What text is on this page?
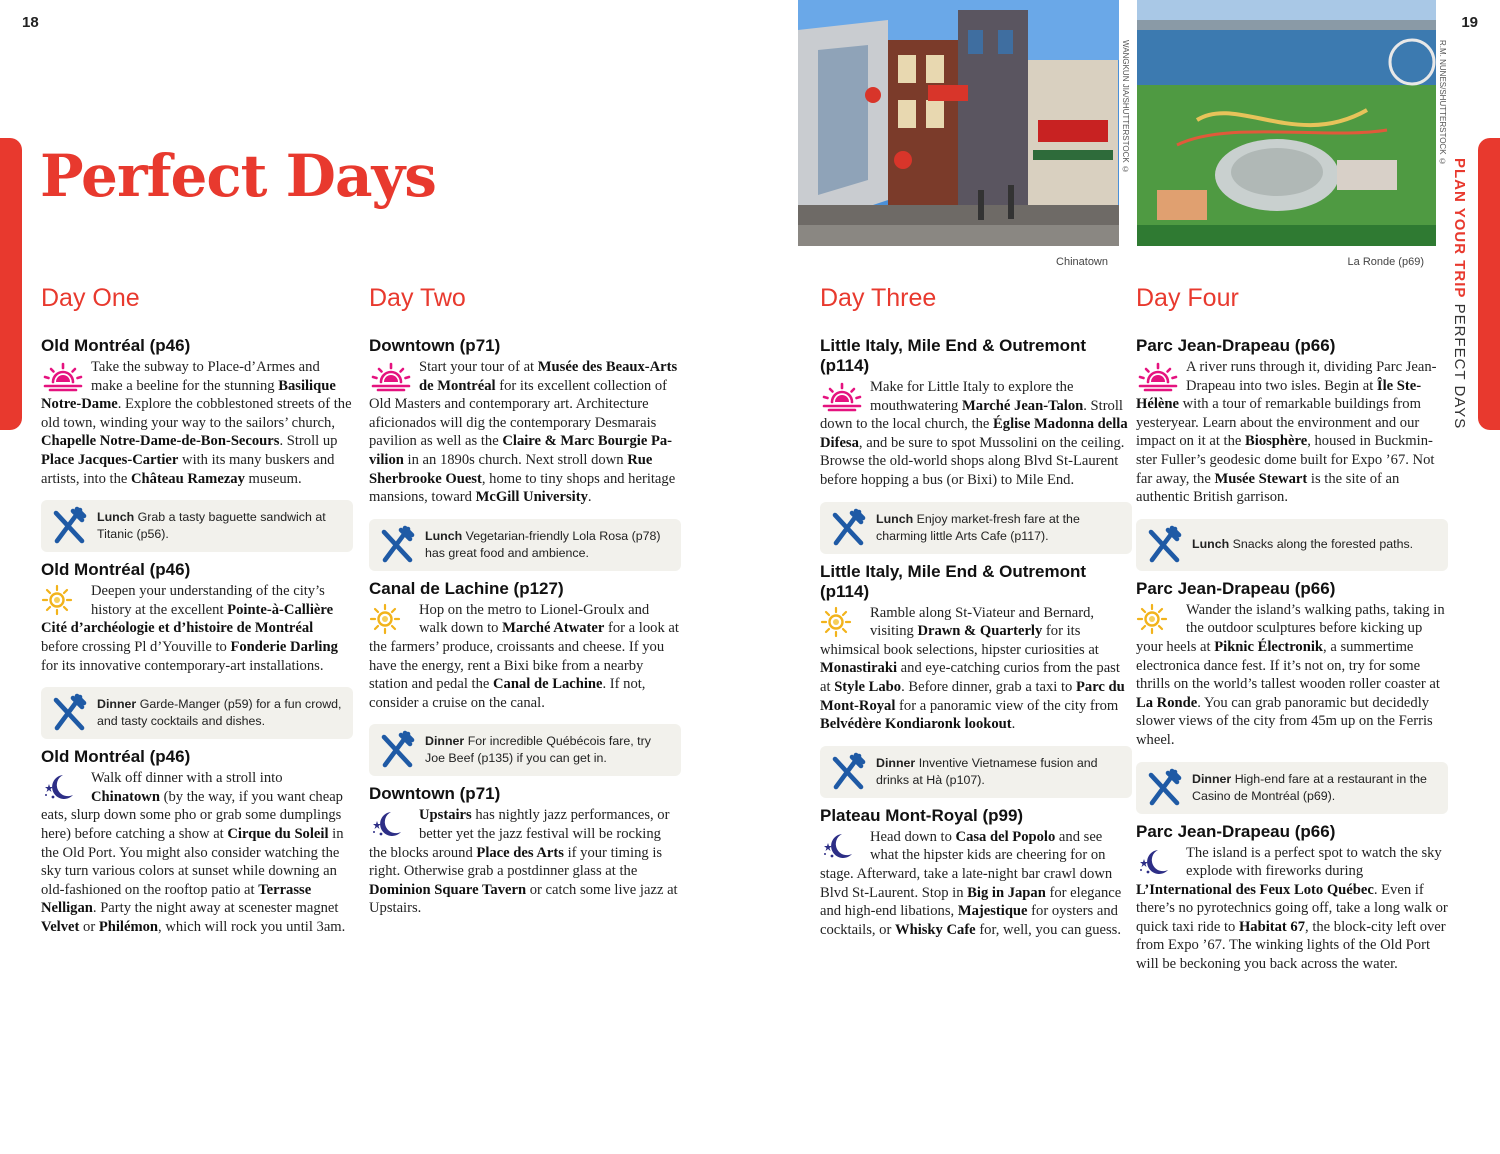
18	19
PLAN YOUR TRIP PERFECT DAYS
Perfect Days
WANGKUN JIA/SHUTTERSTOCK ©
Chinatown
R.M. NUNES/SHUTTERSTOCK ©
La Ronde (p69)
Day One
Old Montréal (p46)
Take the subway to Place-d’Armes and make a beeline for the stunning Basilique Notre-Dame. Explore the cobblestoned streets of the old town, winding your way to the sailors’ church, Chapelle Notre-Dame-de-Bon-Secours. Stroll up Place Jacques-Cartier with its many buskers and artists, into the Château Ramezay museum.
Lunch Grab a tasty baguette sandwich at Titanic (p56).
Old Montréal (p46)
Deepen your understanding of the city’s history at the excellent Pointe-à-Callière Cité d’archéologie et d’histoire de Montréal before crossing Pl d’Youville to Fonderie Darling for its innovative contemporary-art installations.
Dinner Garde-Manger (p59) for a fun crowd, and tasty cocktails and dishes.
Old Montréal (p46)
Walk off dinner with a stroll into Chinatown (by the way, if you want cheap eats, slurp down some pho or grab some dumplings here) before catching a show at Cirque du Soleil in the Old Port. You might also consider watching the sky turn various colors at sunset while downing an old-fashioned on the rooftop patio at Terrasse Nelligan. Party the night away at scenester magnet Velvet or Philémon, which will rock you until 3am.
Day Two
Downtown (p71)
Start your tour of at Musée des Beaux-Arts de Montréal for its excellent collection of Old Masters and contemporary art. Architecture aficionados will dig the contemporary Desmarais pavilion as well as the Claire & Marc Bourgie Pavilion in an 1890s church. Next stroll down Rue Sherbrooke Ouest, home to tiny shops and heritage mansions, toward McGill University.
Lunch Vegetarian-friendly Lola Rosa (p78) has great food and ambience.
Canal de Lachine (p127)
Hop on the metro to Lionel-Groulx and walk down to Marché Atwater for a look at the farmers’ produce, croissants and cheese. If you have the energy, rent a Bixi bike from a nearby station and pedal the Canal de Lachine. If not, consider a cruise on the canal.
Dinner For incredible Québécois fare, try Joe Beef (p135) if you can get in.
Downtown (p71)
Upstairs has nightly jazz performances, or better yet the jazz festival will be rocking the blocks around Place des Arts if your timing is right. Otherwise grab a postdinner glass at the Dominion Square Tavern or catch some live jazz at Upstairs.
Day Three
Little Italy, Mile End & Outremont (p114)
Make for Little Italy to explore the mouthwatering Marché Jean-Talon. Stroll down to the local church, the Église Madonna della Difesa, and be sure to spot Mussolini on the ceiling. Browse the old-world shops along Blvd St-Laurent before hopping a bus (or Bixi) to Mile End.
Lunch Enjoy market-fresh fare at the charming little Arts Cafe (p117).
Little Italy, Mile End & Outremont (p114)
Ramble along St-Viateur and Bernard, visiting Drawn & Quarterly for its whimsical book selections, hipster curiosities at Monastiraki and eye-catching curios from the past at Style Labo. Before dinner, grab a taxi to Parc du Mont-Royal for a panoramic view of the city from Belvédère Kondiaronk lookout.
Dinner Inventive Vietnamese fusion and drinks at Hà (p107).
Plateau Mont-Royal (p99)
Head down to Casa del Popolo and see what the hipster kids are cheering for on stage. Afterward, take a late-night bar crawl down Blvd St-Laurent. Stop in Big in Japan for elegance and high-end libations, Majestique for oysters and cocktails, or Whisky Cafe for, well, you can guess.
Day Four
Parc Jean-Drapeau (p66)
A river runs through it, dividing Parc Jean-Drapeau into two isles. Begin at Île Ste-Hélène with a tour of remarkable buildings from yesteryear. Learn about the environment and our impact on it at the Biosphère, housed in Buckminster Fuller’s geodesic dome built for Expo ’67. Not far away, the Musée Stewart is the site of an authentic British garrison.
Lunch Snacks along the forested paths.
Parc Jean-Drapeau (p66)
Wander the island’s walking paths, taking in the outdoor sculptures before kicking up your heels at Piknic Électronik, a summertime electronica dance fest. If it’s not on, try for some thrills on the world’s tallest wooden roller coaster at La Ronde. You can grab panoramic but decidedly slower views of the city from 45m up on the Ferris wheel.
Dinner High-end fare at a restaurant in the Casino de Montréal (p69).
Parc Jean-Drapeau (p66)
The island is a perfect spot to watch the sky explode with fireworks during L’International des Feux Loto Québec. Even if there’s no pyrotechnics going off, take a long walk or quick taxi ride to Habitat 67, the block-city left over from Expo ’67. The winking lights of the Old Port will be beckoning you back across the water.
